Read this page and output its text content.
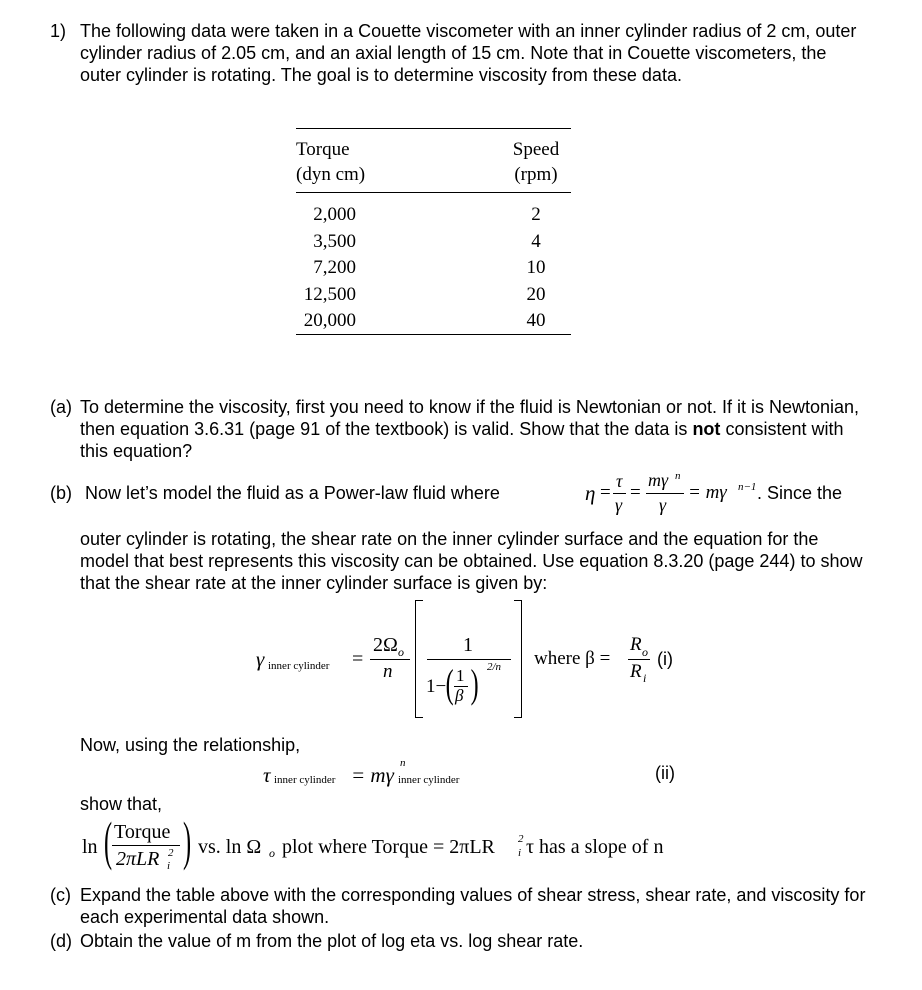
1) The following data were taken in a Couette viscometer with an inner cylinder radius of 2 cm, outer cylinder radius of 2.05 cm, and an axial length of 15 cm. Note that in Couette viscometers, the outer cylinder is rotating. The goal is to determine viscosity from these data.
Torque
(dyn cm)
Speed
(rpm)
2,000
3,500
7,200
12,500
20,000
2
4
10
20
40
(a) To determine the viscosity, first you need to know if the fluid is Newtonian or not. If it is Newtonian, then equation 3.6.31 (page 91 of the textbook) is valid. Show that the data is not consistent with this equation?
(b) Now let’s model the fluid as a Power-law fluid where	η =
τ
γ
=
mγ n
γ
= mγ n−1 . Since the
outer cylinder is rotating, the shear rate on the inner cylinder surface and the equation for the model that best represents this viscosity can be obtained. Use equation 8.3.20 (page 244) to show that the shear rate at the inner cylinder surface is given by:
γ inner cylinder =
2Ω o
n
1
1− ( 1
β ) 2/n where β =
R o
R i
(i)
Now, using the relationship,
τ inner cylinder = mγ n
inner cylinder	(ii)
show that,
ln ( Torque
2πLR 2
i ) vs. ln Ω o plot where Torque = 2πLR 2
i τ has a slope of n
(c) Expand the table above with the corresponding values of shear stress, shear rate, and viscosity for each experimental data shown.
(d) Obtain the value of m from the plot of log eta vs. log shear rate.
